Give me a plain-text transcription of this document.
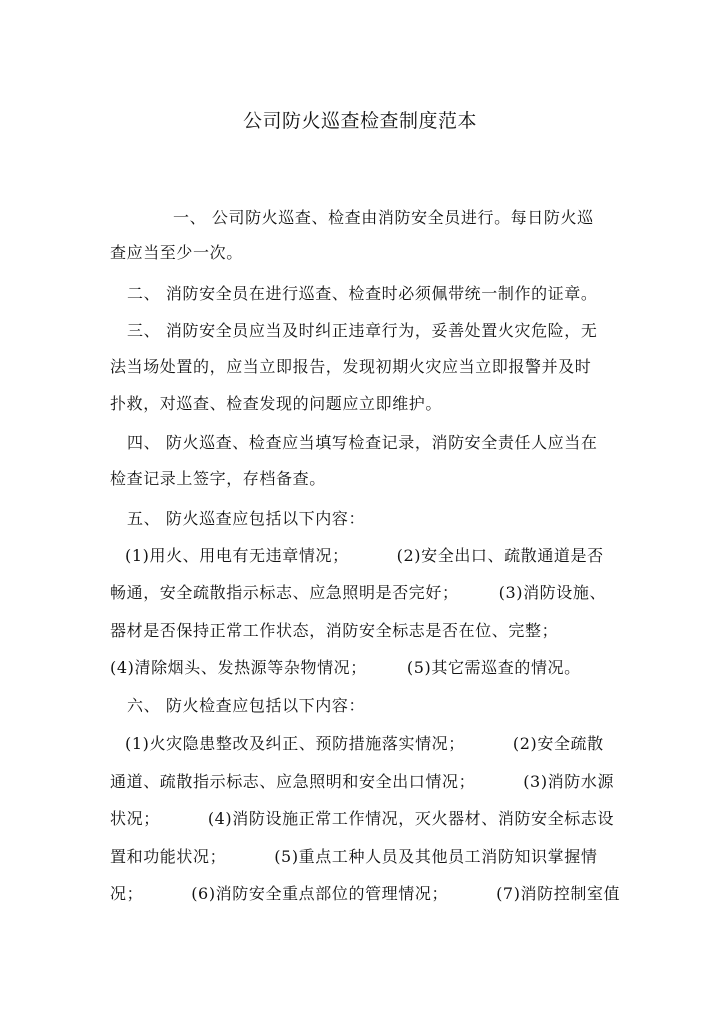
公司防火巡查检查制度范本
一、 公司防火巡查、检查由消防安全员进行。每日防火巡
查应当至少一次。
二、 消防安全员在进行巡查、检查时必须佩带统一制作的证章。
三、 消防安全员应当及时纠正违章行为，妥善处置火灾危险，无
法当场处置的，应当立即报告，发现初期火灾应当立即报警并及时
扑救，对巡查、检查发现的问题应立即维护。
四、 防火巡查、检查应当填写检查记录，消防安全责任人应当在
检查记录上签字，存档备查。
五、 防火巡查应包括以下内容：
(1)用火、用电有无违章情况；	(2)安全出口、疏散通道是否
畅通，安全疏散指示标志、应急照明是否完好；	(3)消防设施、
器材是否保持正常工作状态，消防安全标志是否在位、完整；
(4)清除烟头、发热源等杂物情况；	(5)其它需巡查的情况。
六、 防火检查应包括以下内容：
(1)火灾隐患整改及纠正、预防措施落实情况；	(2)安全疏散
通道、疏散指示标志、应急照明和安全出口情况；	(3)消防水源
状况；	(4)消防设施正常工作情况，灭火器材、消防安全标志设
置和功能状况；	(5)重点工种人员及其他员工消防知识掌握情
况；	(6)消防安全重点部位的管理情况；	(7)消防控制室值
